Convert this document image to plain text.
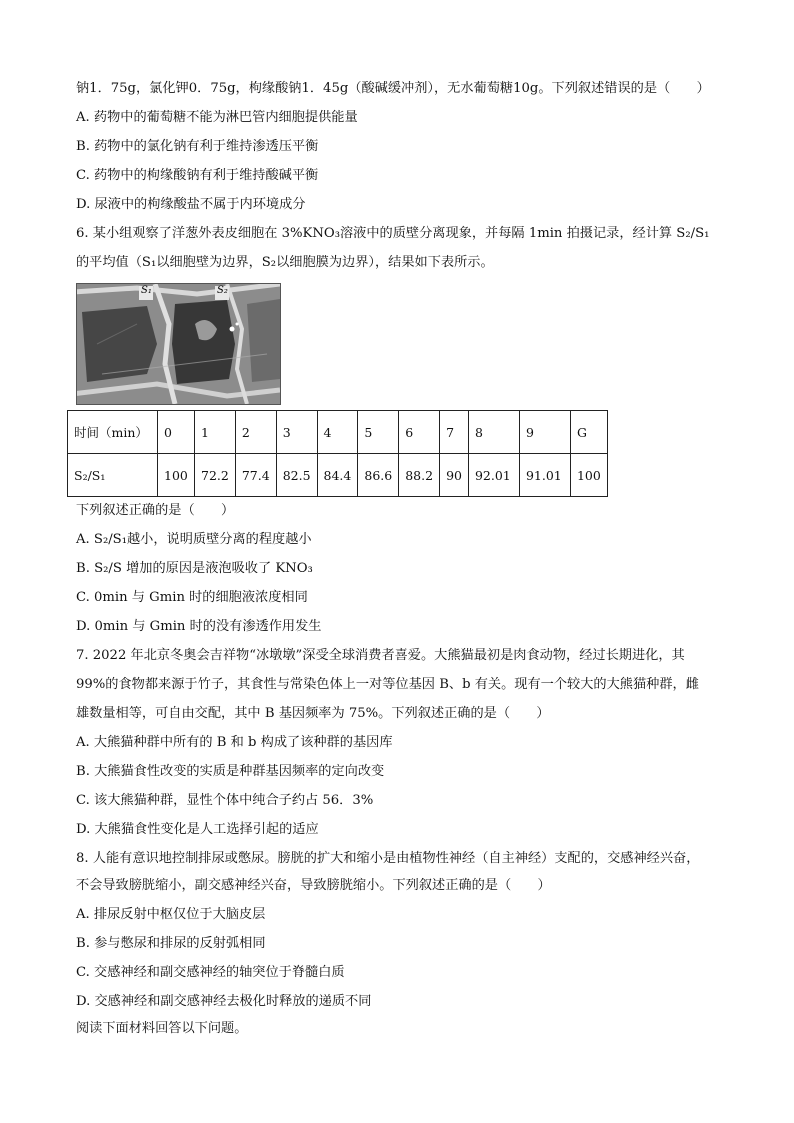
钠1．75g，氯化钾0．75g，枸缘酸钠1．45g（酸碱缓冲剂），无水葡萄糖10g。下列叙述错误的是（　　）
A. 药物中的葡萄糖不能为淋巴管内细胞提供能量
B. 药物中的氯化钠有利于维持渗透压平衡
C. 药物中的枸缘酸钠有利于维持酸碱平衡
D. 尿液中的枸缘酸盐不属于内环境成分
6. 某小组观察了洋葱外表皮细胞在 3%KNO₃溶液中的质壁分离现象，并每隔 1min 拍摄记录，经计算 S₂/S₁
的平均值（S₁以细胞壁为边界，S₂以细胞膜为边界），结果如下表所示。
S₁	S₂
时间（min）	0	1	2	3	4	5	6	7	8	9	G
S₂/S₁	100	72.2	77.4	82.5	84.4	86.6	88.2	90	92.01	91.01	100
下列叙述正确的是（　　）
A. S₂/S₁越小，说明质壁分离的程度越小
B. S₂/S 增加的原因是液泡吸收了 KNO₃
C. 0min 与 Gmin 时的细胞液浓度相同
D. 0min 与 Gmin 时的没有渗透作用发生
7. 2022 年北京冬奥会吉祥物“冰墩墩”深受全球消费者喜爱。大熊猫最初是肉食动物，经过长期进化，其
99%的食物都来源于竹子，其食性与常染色体上一对等位基因 B、b 有关。现有一个较大的大熊猫种群，雌
雄数量相等，可自由交配，其中 B 基因频率为 75%。下列叙述正确的是（　　）
A. 大熊猫种群中所有的 B 和 b 构成了该种群的基因库
B. 大熊猫食性改变的实质是种群基因频率的定向改变
C. 该大熊猫种群，显性个体中纯合子约占 56．3%
D. 大熊猫食性变化是人工选择引起的适应
8. 人能有意识地控制排尿或憋尿。膀胱的扩大和缩小是由植物性神经（自主神经）支配的，交感神经兴奋，
不会导致膀胱缩小，副交感神经兴奋，导致膀胱缩小。下列叙述正确的是（　　）
A. 排尿反射中枢仅位于大脑皮层
B. 参与憋尿和排尿的反射弧相同
C. 交感神经和副交感神经的轴突位于脊髓白质
D. 交感神经和副交感神经去极化时释放的递质不同
阅读下面材料回答以下问题。
